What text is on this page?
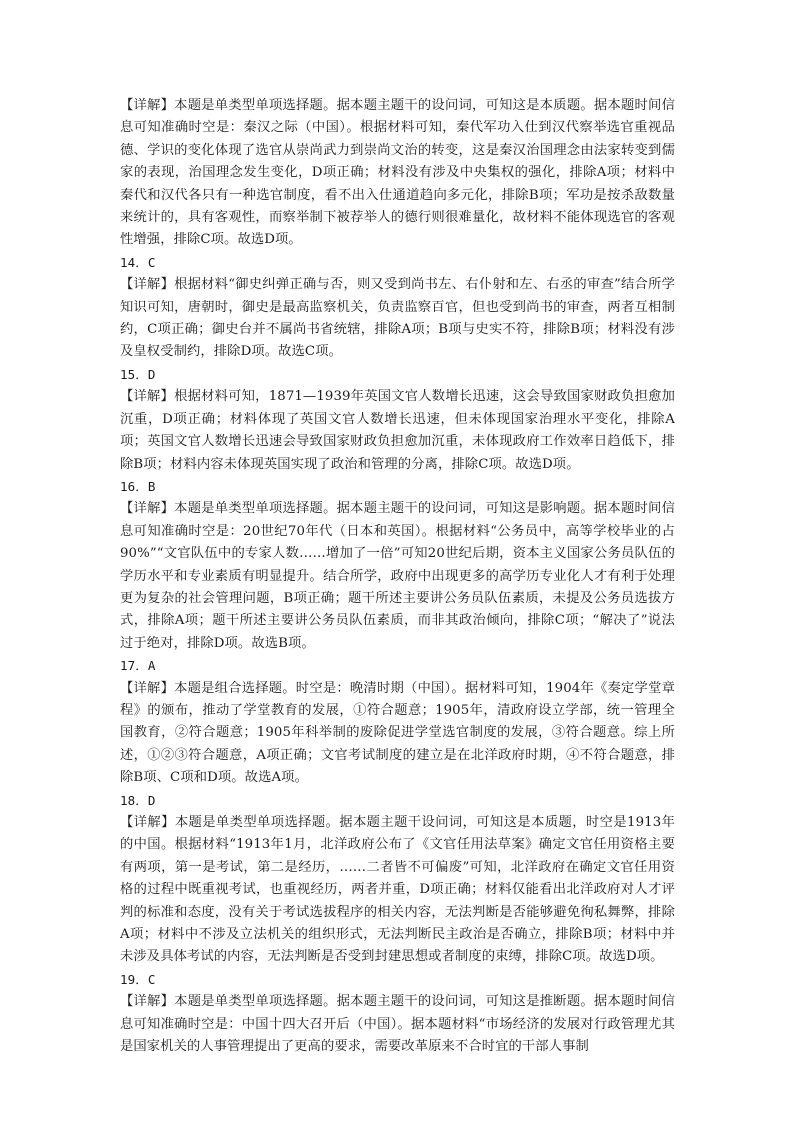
【详解】本题是单类型单项选择题。据本题主题干的设问词，可知这是本质题。据本题时间信息可知准确时空是：秦汉之际（中国）。根据材料可知，秦代军功入仕到汉代察举选官重视品德、学识的变化体现了选官从崇尚武力到崇尚文治的转变，这是秦汉治国理念由法家转变到儒家的表现，治国理念发生变化，D项正确；材料没有涉及中央集权的强化，排除A项；材料中秦代和汉代各只有一种选官制度，看不出入仕通道趋向多元化，排除B项；军功是按杀敌数量来统计的，具有客观性，而察举制下被荐举人的德行则很难量化，故材料不能体现选官的客观性增强，排除C项。故选D项。

14．C

【详解】根据材料“御史纠弹正确与否，则又受到尚书左、右仆射和左、右丞的审查”结合所学知识可知，唐朝时，御史是最高监察机关，负责监察百官，但也受到尚书的审查，两者互相制约，C项正确；御史台并不属尚书省统辖，排除A项；B项与史实不符，排除B项；材料没有涉及皇权受制约，排除D项。故选C项。

15．D

【详解】根据材料可知，1871—1939年英国文官人数增长迅速，这会导致国家财政负担愈加沉重，D项正确；材料体现了英国文官人数增长迅速，但未体现国家治理水平变化，排除A项；英国文官人数增长迅速会导致国家财政负担愈加沉重，未体现政府工作效率日趋低下，排除B项；材料内容未体现英国实现了政治和管理的分离，排除C项。故选D项。

16．B

【详解】本题是单类型单项选择题。据本题主题干的设问词，可知这是影响题。据本题时间信息可知准确时空是：20世纪70年代（日本和英国）。根据材料“公务员中，高等学校毕业的占90%”“文官队伍中的专家人数……增加了一倍”可知20世纪后期，资本主义国家公务员队伍的学历水平和专业素质有明显提升。结合所学，政府中出现更多的高学历专业化人才有利于处理更为复杂的社会管理问题，B项正确；题干所述主要讲公务员队伍素质，未提及公务员选拔方式，排除A项；题干所述主要讲公务员队伍素质，而非其政治倾向，排除C项；“解决了”说法过于绝对，排除D项。故选B项。

17．A

【详解】本题是组合选择题。时空是：晚清时期（中国）。据材料可知，1904年《奏定学堂章程》的颁布，推动了学堂教育的发展，①符合题意；1905年，清政府设立学部，统一管理全国教育，②符合题意；1905年科举制的废除促进学堂选官制度的发展，③符合题意。综上所述，①②③符合题意，A项正确；文官考试制度的建立是在北洋政府时期，④不符合题意，排除B项、C项和D项。故选A项。

18．D

【详解】本题是单类型单项选择题。据本题主题干设问词，可知这是本质题，时空是1913年的中国。根据材料“1913年1月，北洋政府公布了《文官任用法草案》确定文官任用资格主要有两项，第一是考试，第二是经历，……二者皆不可偏废”可知，北洋政府在确定文官任用资格的过程中既重视考试，也重视经历，两者并重，D项正确；材料仅能看出北洋政府对人才评判的标准和态度，没有关于考试选拔程序的相关内容，无法判断是否能够避免徇私舞弊，排除A项；材料中不涉及立法机关的组织形式，无法判断民主政治是否确立，排除B项；材料中并未涉及具体考试的内容，无法判断是否受到封建思想或者制度的束缚，排除C项。故选D项。

19．C

【详解】本题是单类型单项选择题。据本题主题干的设问词，可知这是推断题。据本题时间信息可知准确时空是：中国十四大召开后（中国）。据本题材料“市场经济的发展对行政管理尤其是国家机关的人事管理提出了更高的要求，需要改革原来不合时宜的干部人事制
